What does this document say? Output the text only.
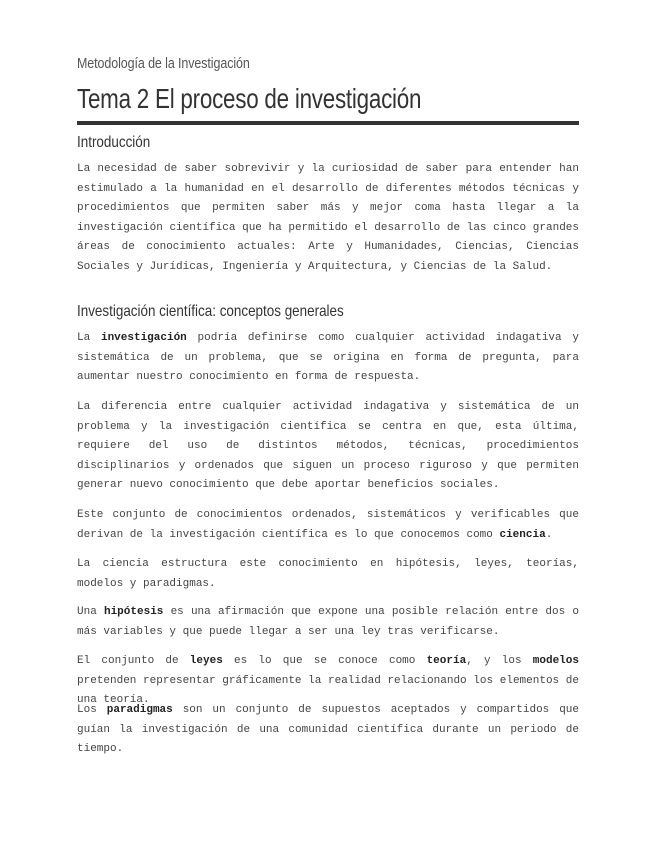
Metodología de la Investigación
Tema 2 El proceso de investigación
Introducción

La necesidad de saber sobrevivir y la curiosidad de saber para entender han estimulado a la humanidad en el desarrollo de diferentes métodos técnicas y procedimientos que permiten saber más y mejor coma hasta llegar a la investigación científica que ha permitido el desarrollo de las cinco grandes áreas de conocimiento actuales: Arte y Humanidades, Ciencias, Ciencias Sociales y Jurídicas, Ingeniería y Arquitectura, y Ciencias de la Salud.

Investigación científica: conceptos generales

La investigación podría definirse como cualquier actividad indagativa y sistemática de un problema, que se origina en forma de pregunta, para aumentar nuestro conocimiento en forma de respuesta.

La diferencia entre cualquier actividad indagativa y sistemática de un problema y la investigación científica se centra en que, esta última, requiere del uso de distintos métodos, técnicas, procedimientos disciplinarios y ordenados que siguen un proceso riguroso y que permiten generar nuevo conocimiento que debe aportar beneficios sociales.

Este conjunto de conocimientos ordenados, sistemáticos y verificables que derivan de la investigación científica es lo que conocemos como ciencia.

La ciencia estructura este conocimiento en hipótesis, leyes, teorías, modelos y paradigmas.

Una hipótesis es una afirmación que expone una posible relación entre dos o más variables y que puede llegar a ser una ley tras verificarse.

El conjunto de leyes es lo que se conoce como teoría, y los modelos pretenden representar gráficamente la realidad relacionando los elementos de una teoría.

Los paradigmas son un conjunto de supuestos aceptados y compartidos que guían la investigación de una comunidad científica durante un periodo de tiempo.
